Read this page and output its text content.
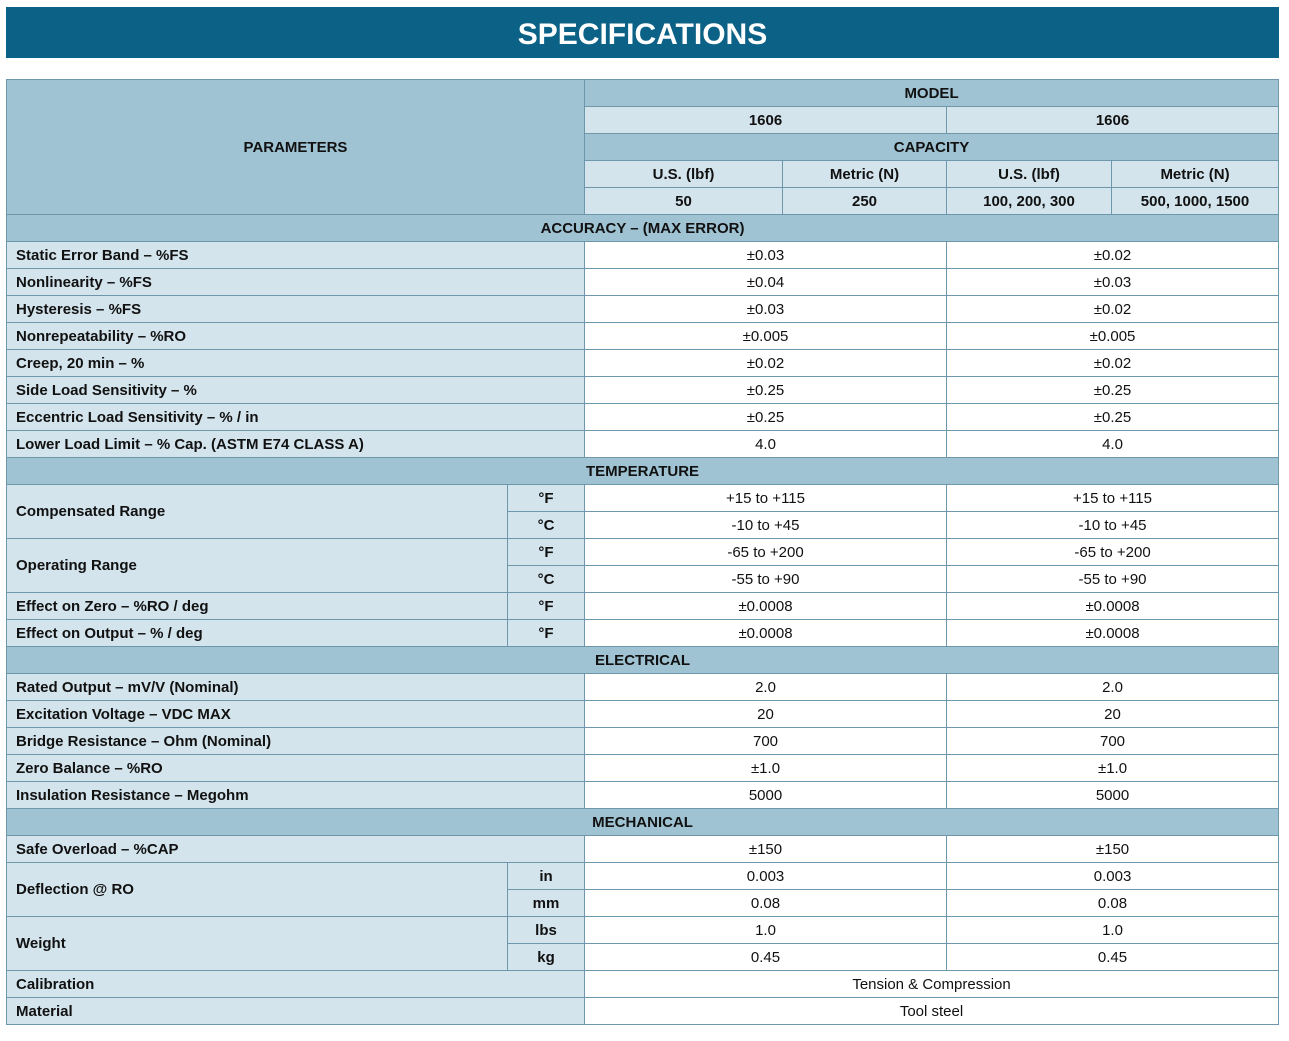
SPECIFICATIONS
PARAMETERS		MODEL			
		1606		1606	
		CAPACITY			
		U.S. (lbf)	Metric (N)	U.S. (lbf)	Metric (N)
		50	250	100, 200, 300	500, 1000, 1500
ACCURACY – (MAX ERROR)					
Static Error Band – %FS		±0.03		±0.02	
Nonlinearity – %FS		±0.04		±0.03	
Hysteresis – %FS		±0.03		±0.02	
Nonrepeatability – %RO		±0.005		±0.005	
Creep, 20 min – %		±0.02		±0.02	
Side Load Sensitivity – %		±0.25		±0.25	
Eccentric Load Sensitivity – % / in		±0.25		±0.25	
Lower Load Limit – % Cap. (ASTM E74 CLASS A)		4.0		4.0	
TEMPERATURE					
Compensated Range	°F	+15 to +115		+15 to +115	
	°C	-10 to +45		-10 to +45	
Operating Range	°F	-65 to +200		-65 to +200	
	°C	-55 to +90		-55 to +90	
Effect on Zero – %RO / deg	°F	±0.0008		±0.0008	
Effect on Output – % / deg	°F	±0.0008		±0.0008	
ELECTRICAL					
Rated Output – mV/V (Nominal)		2.0		2.0	
Excitation Voltage – VDC MAX		20		20	
Bridge Resistance – Ohm (Nominal)		700		700	
Zero Balance – %RO		±1.0		±1.0	
Insulation Resistance – Megohm		5000		5000	
MECHANICAL					
Safe Overload – %CAP		±150		±150	
Deflection @ RO	in	0.003		0.003	
	mm	0.08		0.08	
Weight	lbs	1.0		1.0	
	kg	0.45		0.45	
Calibration		Tension & Compression			
Material		Tool steel			
